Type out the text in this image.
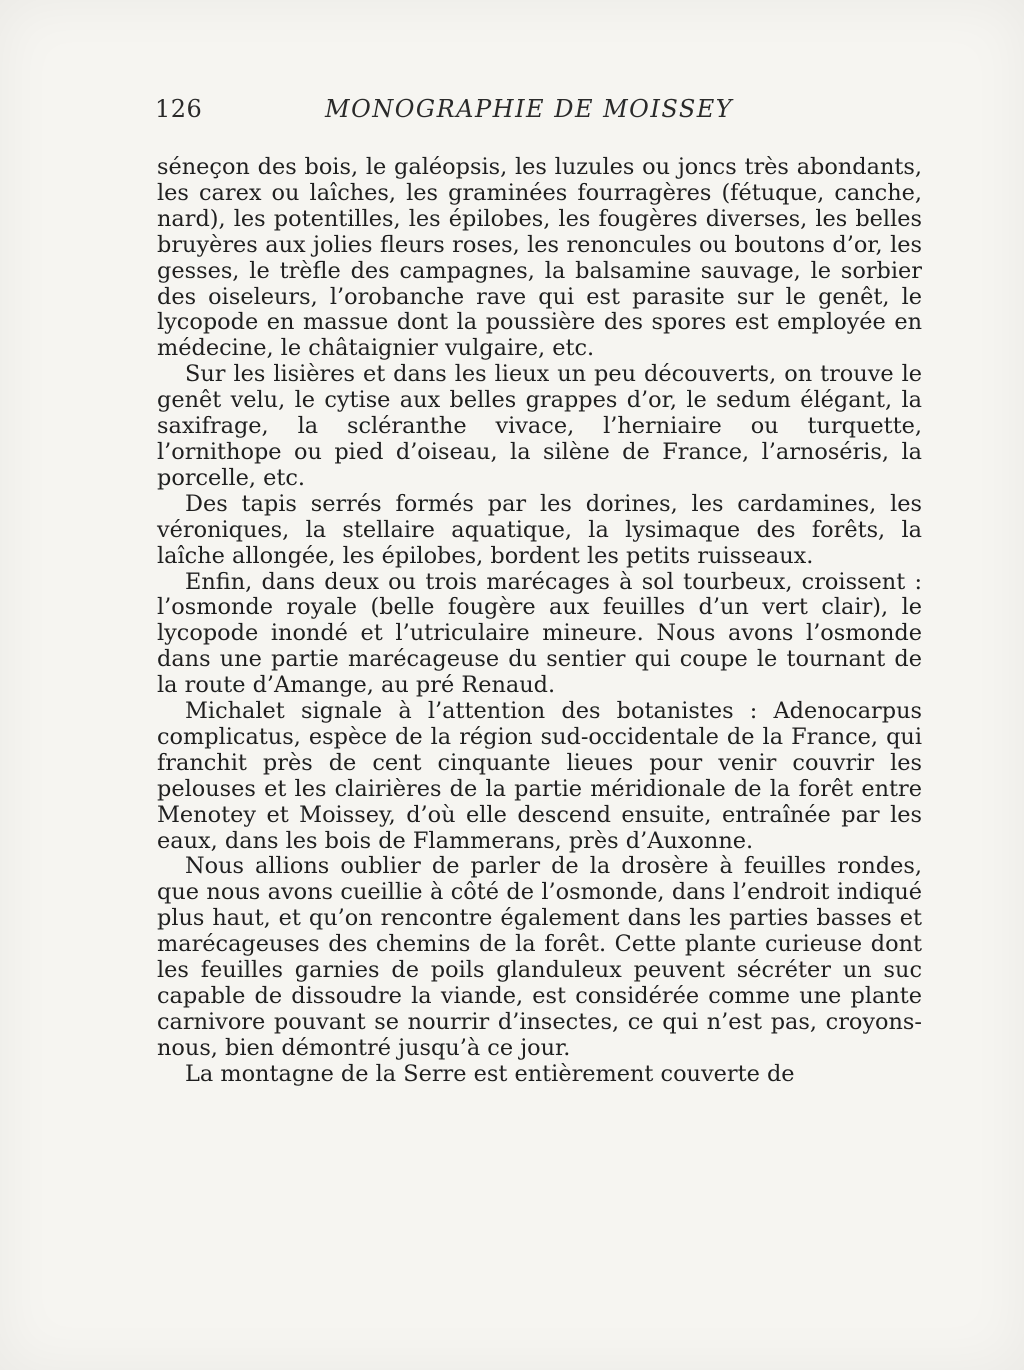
126	MONOGRAPHIE DE MOISSEY

séneçon des bois, le galéopsis, les luzules ou joncs très abondants, les carex ou laîches, les graminées fourragères (fétuque, canche, nard), les potentilles, les épilobes, les fougères diverses, les belles bruyères aux jolies fleurs roses, les renoncules ou boutons d’or, les gesses, le trèfle des campagnes, la balsamine sauvage, le sorbier des oiseleurs, l’orobanche rave qui est parasite sur le genêt, le lycopode en massue dont la poussière des spores est employée en médecine, le châtaignier vulgaire, etc.

Sur les lisières et dans les lieux un peu découverts, on trouve le genêt velu, le cytise aux belles grappes d’or, le sedum élégant, la saxifrage, la scléranthe vivace, l’herniaire ou turquette, l’ornithope ou pied d’oiseau, la silène de France, l’arnoséris, la porcelle, etc.

Des tapis serrés formés par les dorines, les cardamines, les véroniques, la stellaire aquatique, la lysimaque des forêts, la laîche allongée, les épilobes, bordent les petits ruisseaux.

Enfin, dans deux ou trois marécages à sol tourbeux, croissent : l’osmonde royale (belle fougère aux feuilles d’un vert clair), le lycopode inondé et l’utriculaire mineure. Nous avons l’osmonde dans une partie marécageuse du sentier qui coupe le tournant de la route d’Amange, au pré Renaud.

Michalet signale à l’attention des botanistes : Adenocarpus complicatus, espèce de la région sud-occidentale de la France, qui franchit près de cent cinquante lieues pour venir couvrir les pelouses et les clairières de la partie méridionale de la forêt entre Menotey et Moissey, d’où elle descend ensuite, entraînée par les eaux, dans les bois de Flammerans, près d’Auxonne.

Nous allions oublier de parler de la drosère à feuilles rondes, que nous avons cueillie à côté de l’osmonde, dans l’endroit indiqué plus haut, et qu’on rencontre également dans les parties basses et marécageuses des chemins de la forêt. Cette plante curieuse dont les feuilles garnies de poils glanduleux peuvent sécréter un suc capable de dissoudre la viande, est considérée comme une plante carnivore pouvant se nourrir d’insectes, ce qui n’est pas, croyons-nous, bien démontré jusqu’à ce jour.

La montagne de la Serre est entièrement couverte de
